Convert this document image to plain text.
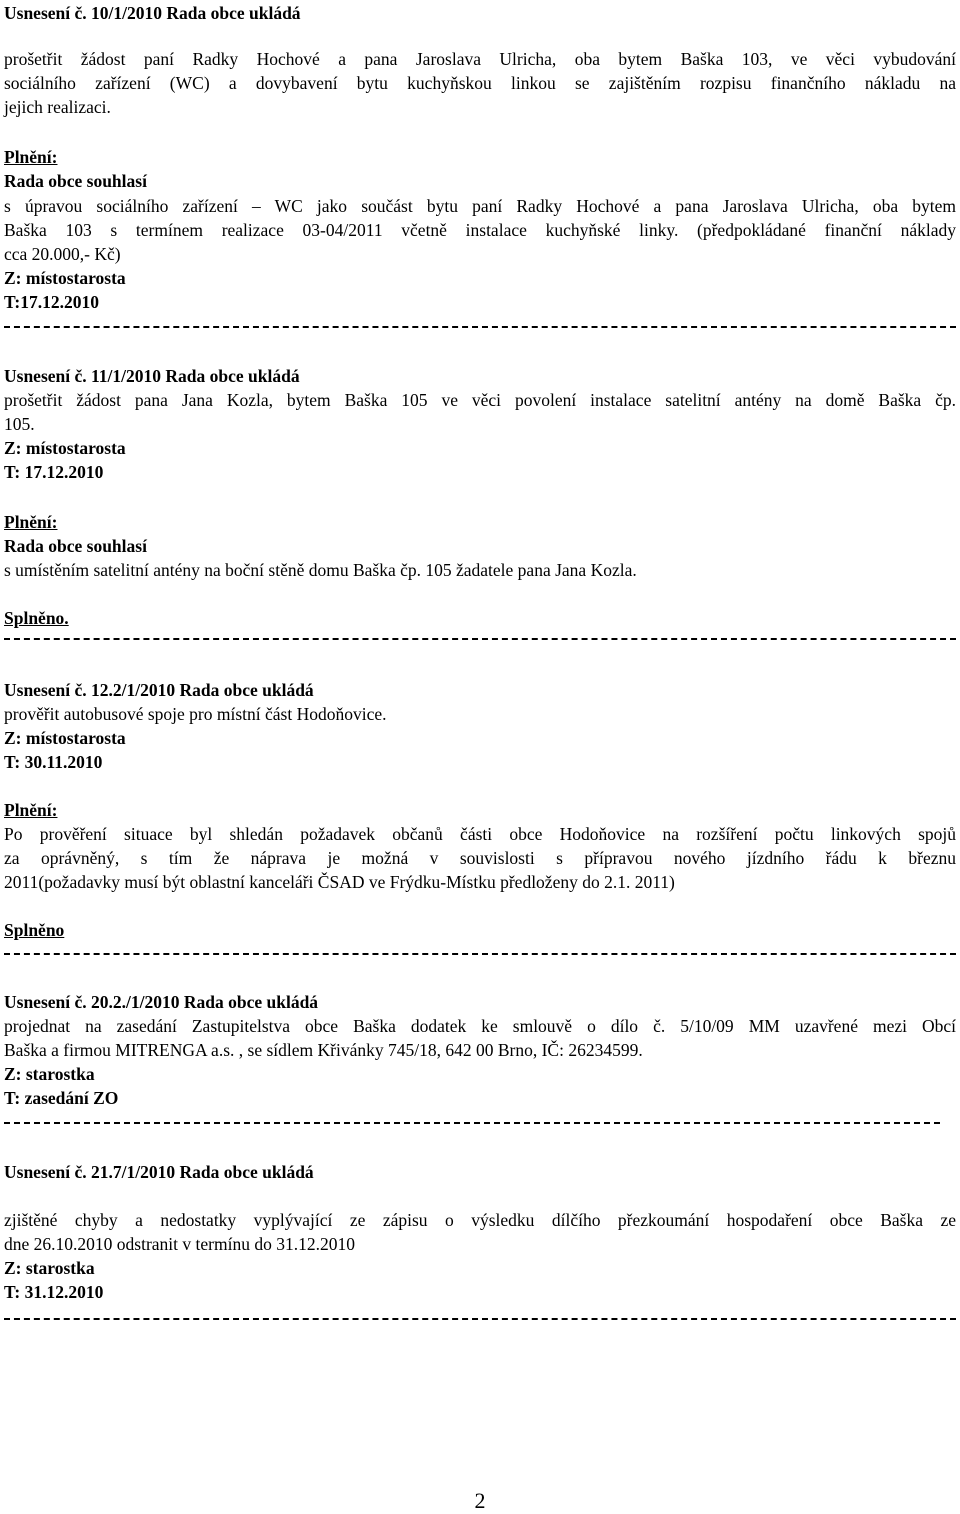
Usnesení č. 10/1/2010 Rada obce ukládá
prošetřit žádost paní Radky Hochové a pana Jaroslava Ulricha, oba bytem Baška 103, ve věci vybudování
sociálního zařízení (WC) a dovybavení bytu kuchyňskou linkou se zajištěním rozpisu finančního nákladu na
jejich realizaci.
Plnění:
Rada obce souhlasí
s úpravou sociálního zařízení – WC jako součást bytu paní Radky Hochové a pana Jaroslava Ulricha, oba bytem
Baška 103 s termínem realizace 03-04/2011 včetně instalace kuchyňské linky. (předpokládané finanční náklady
cca 20.000,- Kč)
Z: místostarosta
T:17.12.2010
Usnesení č. 11/1/2010 Rada obce ukládá
prošetřit žádost pana Jana Kozla, bytem Baška 105 ve věci povolení instalace satelitní antény na domě Baška čp.
105.
Z: místostarosta
T: 17.12.2010
Plnění:
Rada obce souhlasí
s umístěním satelitní antény na boční stěně domu Baška čp. 105 žadatele pana Jana Kozla.
Splněno.
Usnesení č. 12.2/1/2010 Rada obce ukládá
prověřit autobusové spoje pro místní část Hodoňovice.
Z: místostarosta
T: 30.11.2010
Plnění:
Po prověření situace byl shledán požadavek občanů části obce Hodoňovice na rozšíření počtu linkových spojů
za oprávněný, s tím že náprava je možná v souvislosti s přípravou nového jízdního řádu k březnu
2011(požadavky musí být oblastní kanceláři ČSAD ve Frýdku-Místku předloženy do 2.1. 2011)
Splněno
Usnesení č. 20.2./1/2010 Rada obce ukládá
projednat na zasedání Zastupitelstva obce Baška dodatek ke smlouvě o dílo č. 5/10/09 MM uzavřené mezi Obcí
Baška a firmou MITRENGA a.s. , se sídlem Křivánky 745/18, 642 00 Brno, IČ: 26234599.
Z: starostka
T: zasedání ZO
Usnesení č. 21.7/1/2010 Rada obce ukládá
zjištěné chyby a nedostatky vyplývající ze zápisu o výsledku dílčího přezkoumání hospodaření obce Baška ze
dne 26.10.2010 odstranit v termínu do 31.12.2010
Z: starostka
T: 31.12.2010
2
